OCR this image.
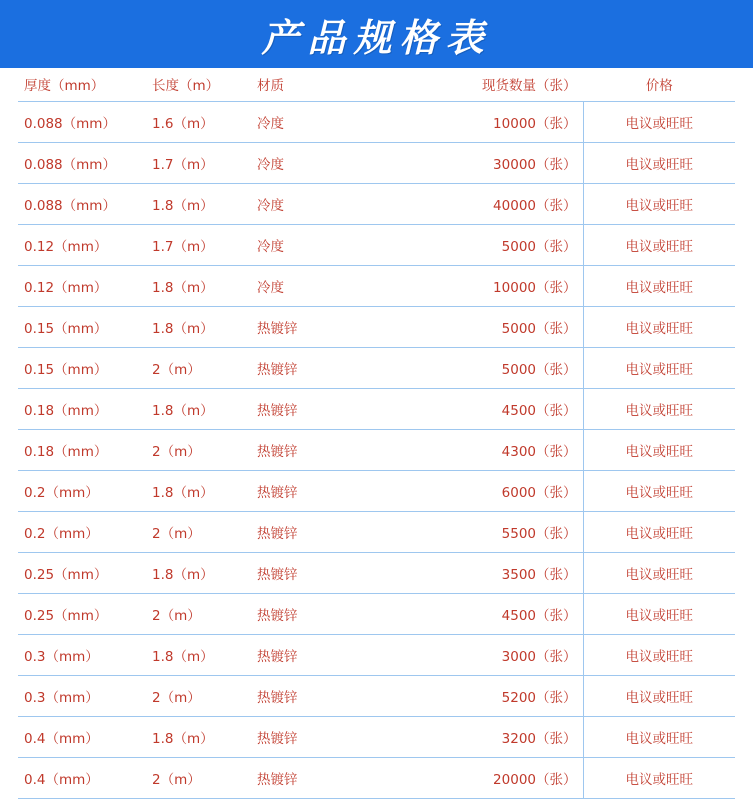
产品规格表
厚度（mm）	长度（m）	材质	现货数量（张）	价格
0.088（mm）	1.6（m）	冷度	10000（张）	电议或旺旺
0.088（mm）	1.7（m）	冷度	30000（张）	电议或旺旺
0.088（mm）	1.8（m）	冷度	40000（张）	电议或旺旺
0.12（mm）	1.7（m）	冷度	5000（张）	电议或旺旺
0.12（mm）	1.8（m）	冷度	10000（张）	电议或旺旺
0.15（mm）	1.8（m）	热镀锌	5000（张）	电议或旺旺
0.15（mm）	2（m）	热镀锌	5000（张）	电议或旺旺
0.18（mm）	1.8（m）	热镀锌	4500（张）	电议或旺旺
0.18（mm）	2（m）	热镀锌	4300（张）	电议或旺旺
0.2（mm）	1.8（m）	热镀锌	6000（张）	电议或旺旺
0.2（mm）	2（m）	热镀锌	5500（张）	电议或旺旺
0.25（mm）	1.8（m）	热镀锌	3500（张）	电议或旺旺
0.25（mm）	2（m）	热镀锌	4500（张）	电议或旺旺
0.3（mm）	1.8（m）	热镀锌	3000（张）	电议或旺旺
0.3（mm）	2（m）	热镀锌	5200（张）	电议或旺旺
0.4（mm）	1.8（m）	热镀锌	3200（张）	电议或旺旺
0.4（mm）	2（m）	热镀锌	20000（张）	电议或旺旺
